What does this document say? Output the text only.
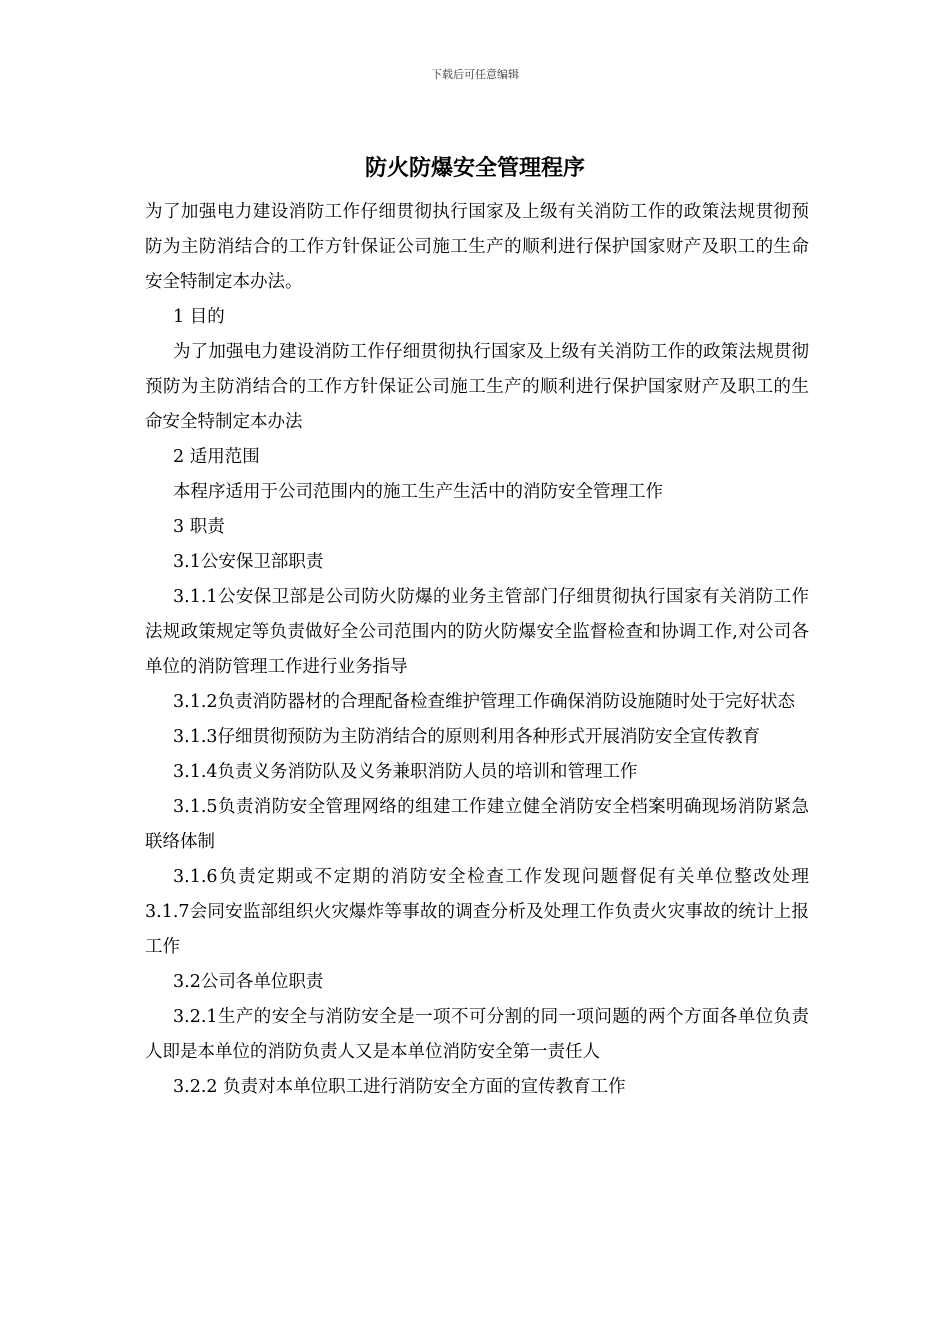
下载后可任意编辑
防火防爆安全管理程序

为了加强电力建设消防工作仔细贯彻执行国家及上级有关消防工作的政策法规贯彻预防为主防消结合的工作方针保证公司施工生产的顺利进行保护国家财产及职工的生命安全特制定本办法。

1 目的

为了加强电力建设消防工作仔细贯彻执行国家及上级有关消防工作的政策法规贯彻预防为主防消结合的工作方针保证公司施工生产的顺利进行保护国家财产及职工的生命安全特制定本办法

2 适用范围

本程序适用于公司范围内的施工生产生活中的消防安全管理工作

3 职责

3.1公安保卫部职责

3.1.1公安保卫部是公司防火防爆的业务主管部门仔细贯彻执行国家有关消防工作法规政策规定等负责做好全公司范围内的防火防爆安全监督检查和协调工作,对公司各单位的消防管理工作进行业务指导

3.1.2负责消防器材的合理配备检查维护管理工作确保消防设施随时处于完好状态

3.1.3仔细贯彻预防为主防消结合的原则利用各种形式开展消防安全宣传教育

3.1.4负责义务消防队及义务兼职消防人员的培训和管理工作

3.1.5负责消防安全管理网络的组建工作建立健全消防安全档案明确现场消防紧急联络体制

3.1.6负责定期或不定期的消防安全检查工作发现问题督促有关单位整改处理 3.1.7会同安监部组织火灾爆炸等事故的调查分析及处理工作负责火灾事故的统计上报工作

3.2公司各单位职责

3.2.1生产的安全与消防安全是一项不可分割的同一项问题的两个方面各单位负责人即是本单位的消防负责人又是本单位消防安全第一责任人

3.2.2 负责对本单位职工进行消防安全方面的宣传教育工作
